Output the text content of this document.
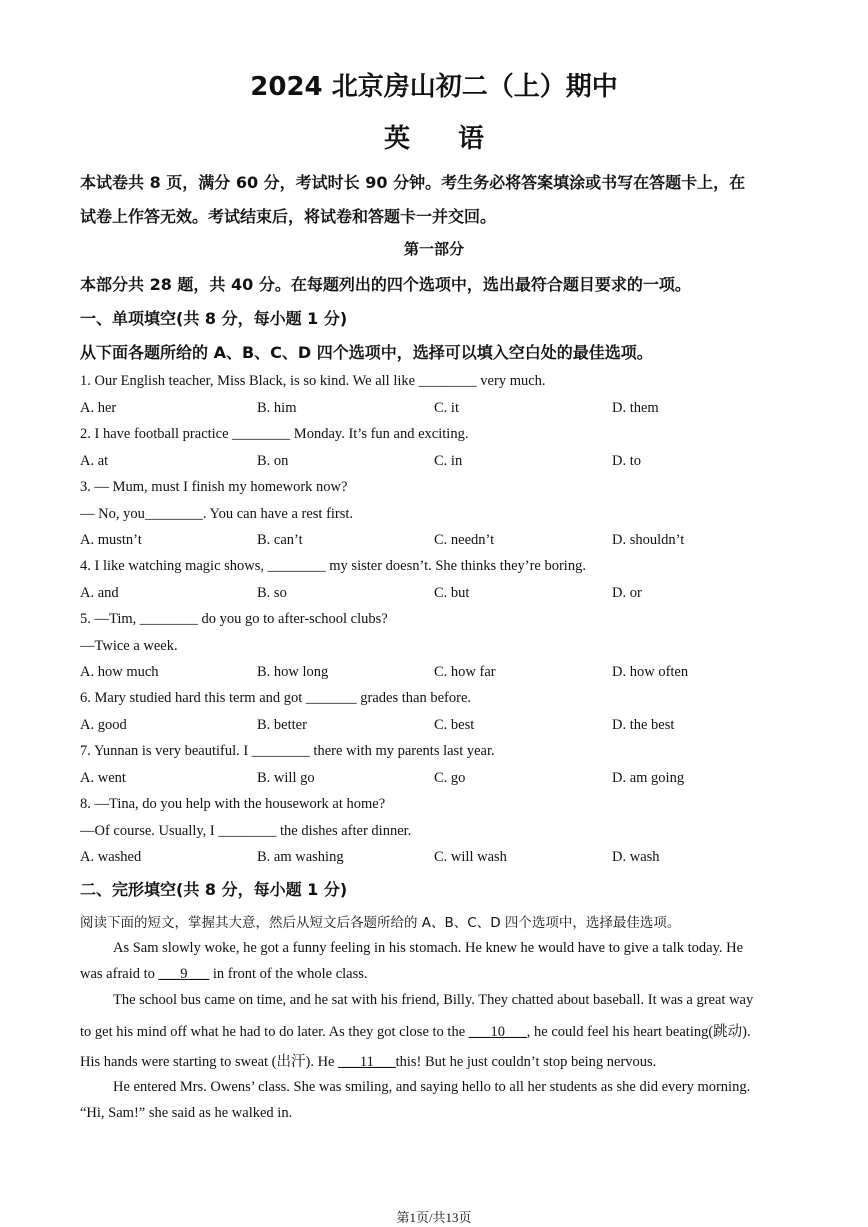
2024 北京房山初二（上）期中
英语
本试卷共 8 页，满分 60 分，考试时长 90 分钟。考生务必将答案填涂或书写在答题卡上，在
试卷上作答无效。考试结束后，将试卷和答题卡一并交回。
第一部分
本部分共 28 题，共 40 分。在每题列出的四个选项中，选出最符合题目要求的一项。
一、单项填空(共 8 分，每小题 1 分)
从下面各题所给的 A、B、C、D 四个选项中，选择可以填入空白处的最佳选项。
1. Our English teacher, Miss Black, is so kind. We all like ________ very much.
A. her	B. him	C. it	D. them
2. I have football practice ________ Monday. It’s fun and exciting.
A. at	B. on	C. in	D. to
3. — Mum, must I finish my homework now?
— No, you________. You can have a rest first.
A. mustn’t	B. can’t	C. needn’t	D. shouldn’t
4. I like watching magic shows, ________ my sister doesn’t. She thinks they’re boring.
A. and	B. so	C. but	D. or
5. —Tim, ________ do you go to after-school clubs?
—Twice a week.
A. how much	B. how long	C. how far	D. how often
6. Mary studied hard this term and got _______ grades than before.
A. good	B. better	C. best	D. the best
7. Yunnan is very beautiful. I ________ there with my parents last year.
A. went	B. will go	C. go	D. am going
8. —Tina, do you help with the housework at home?
—Of course. Usually, I ________ the dishes after dinner.
A. washed	B. am washing	C. will wash	D. wash
二、完形填空(共 8 分，每小题 1 分)
阅读下面的短文，掌握其大意，然后从短文后各题所给的 A、B、C、D 四个选项中，选择最佳选项。
As Sam slowly woke, he got a funny feeling in his stomach. He knew he would have to give a talk today. He
was afraid to ___9___ in front of the whole class.
The school bus came on time, and he sat with his friend, Billy. They chatted about baseball. It was a great way
to get his mind off what he had to do later. As they got close to the ___10___, he could feel his heart beating(跳动).
His hands were starting to sweat (出汗). He ___11___this! But he just couldn’t stop being nervous.
He entered Mrs. Owens’ class. She was smiling, and saying hello to all her students as she did every morning.
“Hi, Sam!” she said as he walked in.
第1页/共13页
